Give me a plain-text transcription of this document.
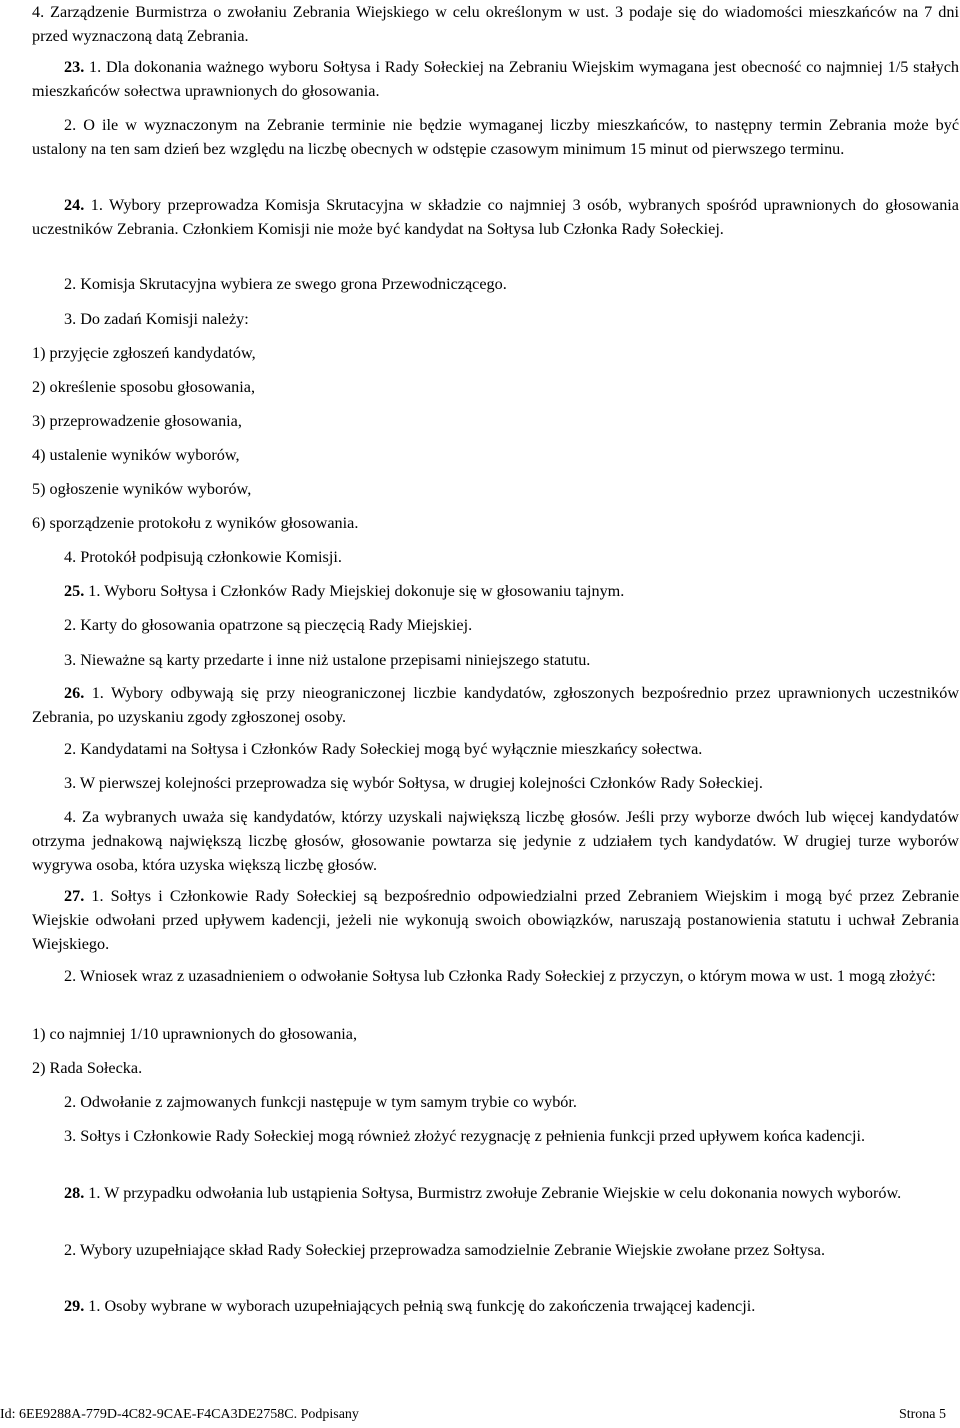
4. Zarządzenie Burmistrza o zwołaniu Zebrania Wiejskiego w celu określonym w ust. 3 podaje się do wiadomości mieszkańców na 7 dni przed wyznaczoną datą Zebrania.

23. 1. Dla dokonania ważnego wyboru Sołtysa i Rady Sołeckiej na Zebraniu Wiejskim wymagana jest obecność co najmniej 1/5 stałych mieszkańców sołectwa uprawnionych do głosowania.

2. O ile w wyznaczonym na Zebranie terminie nie będzie wymaganej liczby mieszkańców, to następny termin Zebrania może być ustalony na ten sam dzień bez względu na liczbę obecnych w odstępie czasowym minimum 15 minut od pierwszego terminu.

24. 1. Wybory przeprowadza Komisja Skrutacyjna w składzie co najmniej 3 osób, wybranych spośród uprawnionych do głosowania uczestników Zebrania. Członkiem Komisji nie może być kandydat na Sołtysa lub Członka Rady Sołeckiej.

2. Komisja Skrutacyjna wybiera ze swego grona Przewodniczącego.
3. Do zadań Komisji należy:
1) przyjęcie zgłoszeń kandydatów,
2) określenie sposobu głosowania,
3) przeprowadzenie głosowania,
4) ustalenie wyników wyborów,
5) ogłoszenie wyników wyborów,
6) sporządzenie protokołu z wyników głosowania.
4. Protokół podpisują członkowie Komisji.
25. 1. Wyboru Sołtysa i Członków Rady Miejskiej dokonuje się w głosowaniu tajnym.
2. Karty do głosowania opatrzone są pieczęcią Rady Miejskiej.
3. Nieważne są karty przedarte i inne niż ustalone przepisami niniejszego statutu.

26. 1. Wybory odbywają się przy nieograniczonej liczbie kandydatów, zgłoszonych bezpośrednio przez uprawnionych uczestników Zebrania, po uzyskaniu zgody zgłoszonej osoby.

2. Kandydatami na Sołtysa i Członków Rady Sołeckiej mogą być wyłącznie mieszkańcy sołectwa.
3. W pierwszej kolejności przeprowadza się wybór Sołtysa, w drugiej kolejności Członków Rady Sołeckiej.

4. Za wybranych uważa się kandydatów, którzy uzyskali największą liczbę głosów. Jeśli przy wyborze dwóch lub więcej kandydatów otrzyma jednakową największą liczbę głosów, głosowanie powtarza się jedynie z udziałem tych kandydatów. W drugiej turze wyborów wygrywa osoba, która uzyska większą liczbę głosów.

27. 1. Sołtys i Członkowie Rady Sołeckiej są bezpośrednio odpowiedzialni przed Zebraniem Wiejskim i mogą być przez Zebranie Wiejskie odwołani przed upływem kadencji, jeżeli nie wykonują swoich obowiązków, naruszają postanowienia statutu i uchwał Zebrania Wiejskiego.

2. Wniosek wraz z uzasadnieniem o odwołanie Sołtysa lub Członka Rady Sołeckiej z przyczyn, o którym mowa w ust. 1 mogą złożyć:

1) co najmniej 1/10 uprawnionych do głosowania,
2) Rada Sołecka.
2. Odwołanie z zajmowanych funkcji następuje w tym samym trybie co wybór.

3. Sołtys i Członkowie Rady Sołeckiej mogą również złożyć rezygnację z pełnienia funkcji przed upływem końca kadencji.

28. 1. W przypadku odwołania lub ustąpienia Sołtysa, Burmistrz zwołuje Zebranie Wiejskie w celu dokonania nowych wyborów.

2. Wybory uzupełniające skład Rady Sołeckiej przeprowadza samodzielnie Zebranie Wiejskie zwołane przez Sołtysa.

29. 1. Osoby wybrane w wyborach uzupełniających pełnią swą funkcję do zakończenia trwającej kadencji.
Id: 6EE9288A-779D-4C82-9CAE-F4CA3DE2758C. Podpisany	Strona 5
